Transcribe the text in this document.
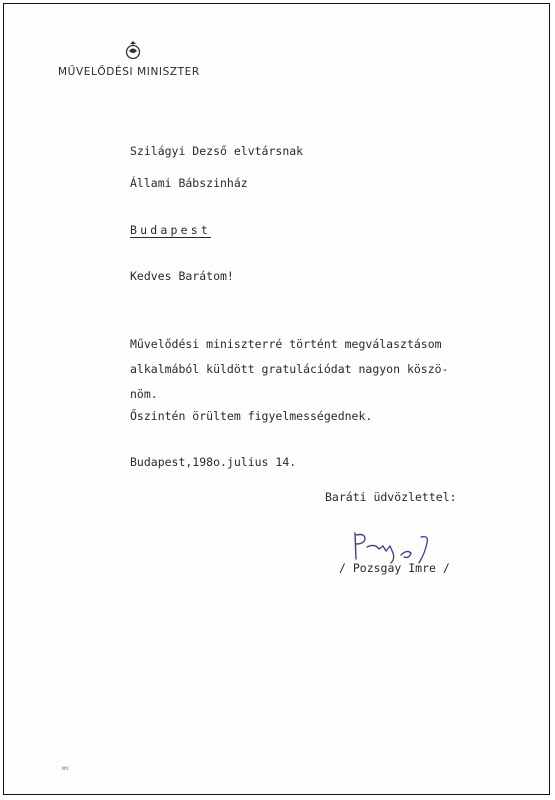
MŰVELŐDÉSI MINISZTER
Szilágyi Dezső elvtársnak
Állami Bábszinház
Budapest
Kedves Barátom!
Művelődési miniszterré történt megválasztásom
alkalmából küldött gratulációdat nagyon köszö-
nöm.
Őszintén örültem figyelmességednek.
Budapest,198o.julius 14.
Baráti üdvözlettel:
/ Pozsgay Imre /
NYI
